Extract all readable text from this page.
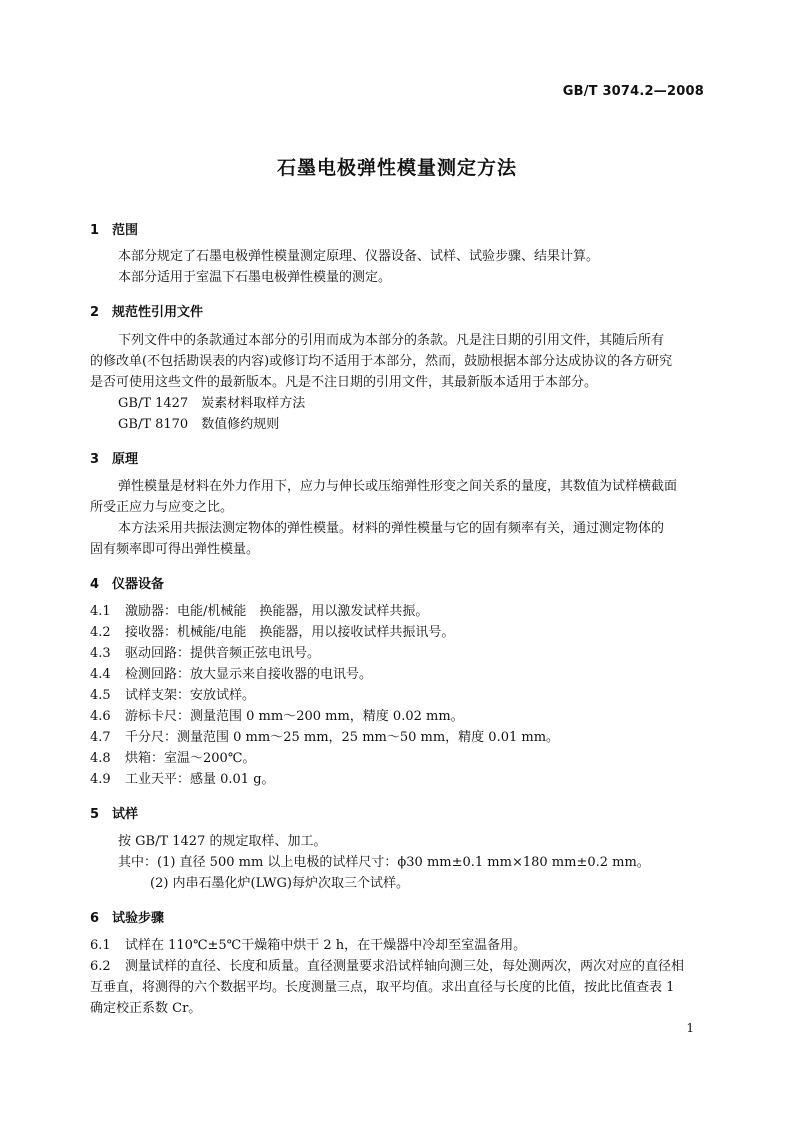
GB/T 3074.2—2008
石墨电极弹性模量测定方法
1 范围

本部分规定了石墨电极弹性模量测定原理、仪器设备、试样、试验步骤、结果计算。

本部分适用于室温下石墨电极弹性模量的测定。

2 规范性引用文件

下列文件中的条款通过本部分的引用而成为本部分的条款。凡是注日期的引用文件，其随后所有

的修改单(不包括勘误表的内容)或修订均不适用于本部分，然而，鼓励根据本部分达成协议的各方研究

是否可使用这些文件的最新版本。凡是不注日期的引用文件，其最新版本适用于本部分。

GB/T 1427　炭素材料取样方法

GB/T 8170　数值修约规则

3 原理

弹性模量是材料在外力作用下，应力与伸长或压缩弹性形变之间关系的量度，其数值为试样横截面

所受正应力与应变之比。

本方法采用共振法测定物体的弹性模量。材料的弹性模量与它的固有频率有关，通过测定物体的

固有频率即可得出弹性模量。

4 仪器设备

4.1 激励器：电能/机械能　换能器，用以激发试样共振。

4.2 接收器：机械能/电能　换能器，用以接收试样共振讯号。

4.3 驱动回路：提供音频正弦电讯号。

4.4 检测回路：放大显示来自接收器的电讯号。

4.5 试样支架：安放试样。

4.6 游标卡尺：测量范围 0 mm～200 mm，精度 0.02 mm。

4.7 千分尺：测量范围 0 mm～25 mm，25 mm～50 mm，精度 0.01 mm。

4.8 烘箱：室温～200℃。

4.9 工业天平：感量 0.01 g。

5 试样

按 GB/T 1427 的规定取样、加工。

其中：(1) 直径 500 mm 以上电极的试样尺寸：ϕ30 mm±0.1 mm×180 mm±0.2 mm。

(2) 内串石墨化炉(LWG)每炉次取三个试样。

6 试验步骤

6.1 试样在 110℃±5℃干燥箱中烘干 2 h，在干燥器中冷却至室温备用。

6.2 测量试样的直径、长度和质量。直径测量要求沿试样轴向测三处，每处测两次，两次对应的直径相

互垂直，将测得的六个数据平均。长度测量三点，取平均值。求出直径与长度的比值，按此比值查表 1

确定校正系数 Cr。

1
